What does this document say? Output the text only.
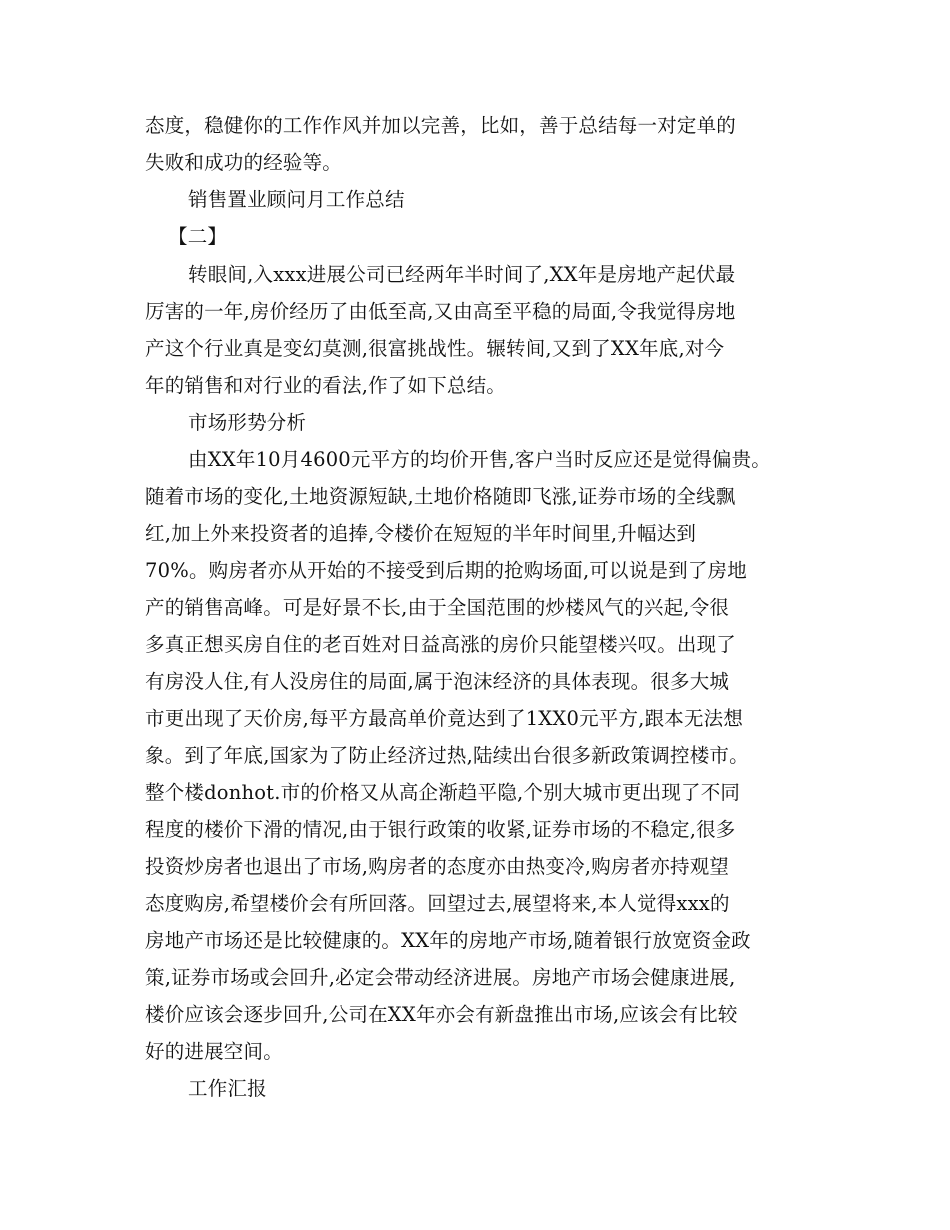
态度，稳健你的工作作风并加以完善，比如，善于总结每一对定单的
失败和成功的经验等。
销售置业顾问月工作总结
【二】
转眼间,入xxx进展公司已经两年半时间了,XX年是房地产起伏最
厉害的一年,房价经历了由低至高,又由高至平稳的局面,令我觉得房地
产这个行业真是变幻莫测,很富挑战性。辗转间,又到了XX年底,对今
年的销售和对行业的看法,作了如下总结。
市场形势分析
由XX年10月4600元平方的均价开售,客户当时反应还是觉得偏贵。
随着市场的变化,土地资源短缺,土地价格随即飞涨,证券市场的全线飘
红,加上外来投资者的追捧,令楼价在短短的半年时间里,升幅达到
70%。购房者亦从开始的不接受到后期的抢购场面,可以说是到了房地
产的销售高峰。可是好景不长,由于全国范围的炒楼风气的兴起,令很
多真正想买房自住的老百姓对日益高涨的房价只能望楼兴叹。出现了
有房没人住,有人没房住的局面,属于泡沫经济的具体表现。很多大城
市更出现了天价房,每平方最高单价竟达到了1XX0元平方,跟本无法想
象。到了年底,国家为了防止经济过热,陆续出台很多新政策调控楼市。
整个楼donhot.市的价格又从高企渐趋平隐,个别大城市更出现了不同
程度的楼价下滑的情况,由于银行政策的收紧,证券市场的不稳定,很多
投资炒房者也退出了市场,购房者的态度亦由热变冷,购房者亦持观望
态度购房,希望楼价会有所回落。回望过去,展望将来,本人觉得xxx的
房地产市场还是比较健康的。XX年的房地产市场,随着银行放宽资金政
策,证券市场或会回升,必定会带动经济进展。房地产市场会健康进展,
楼价应该会逐步回升,公司在XX年亦会有新盘推出市场,应该会有比较
好的进展空间。
工作汇报
